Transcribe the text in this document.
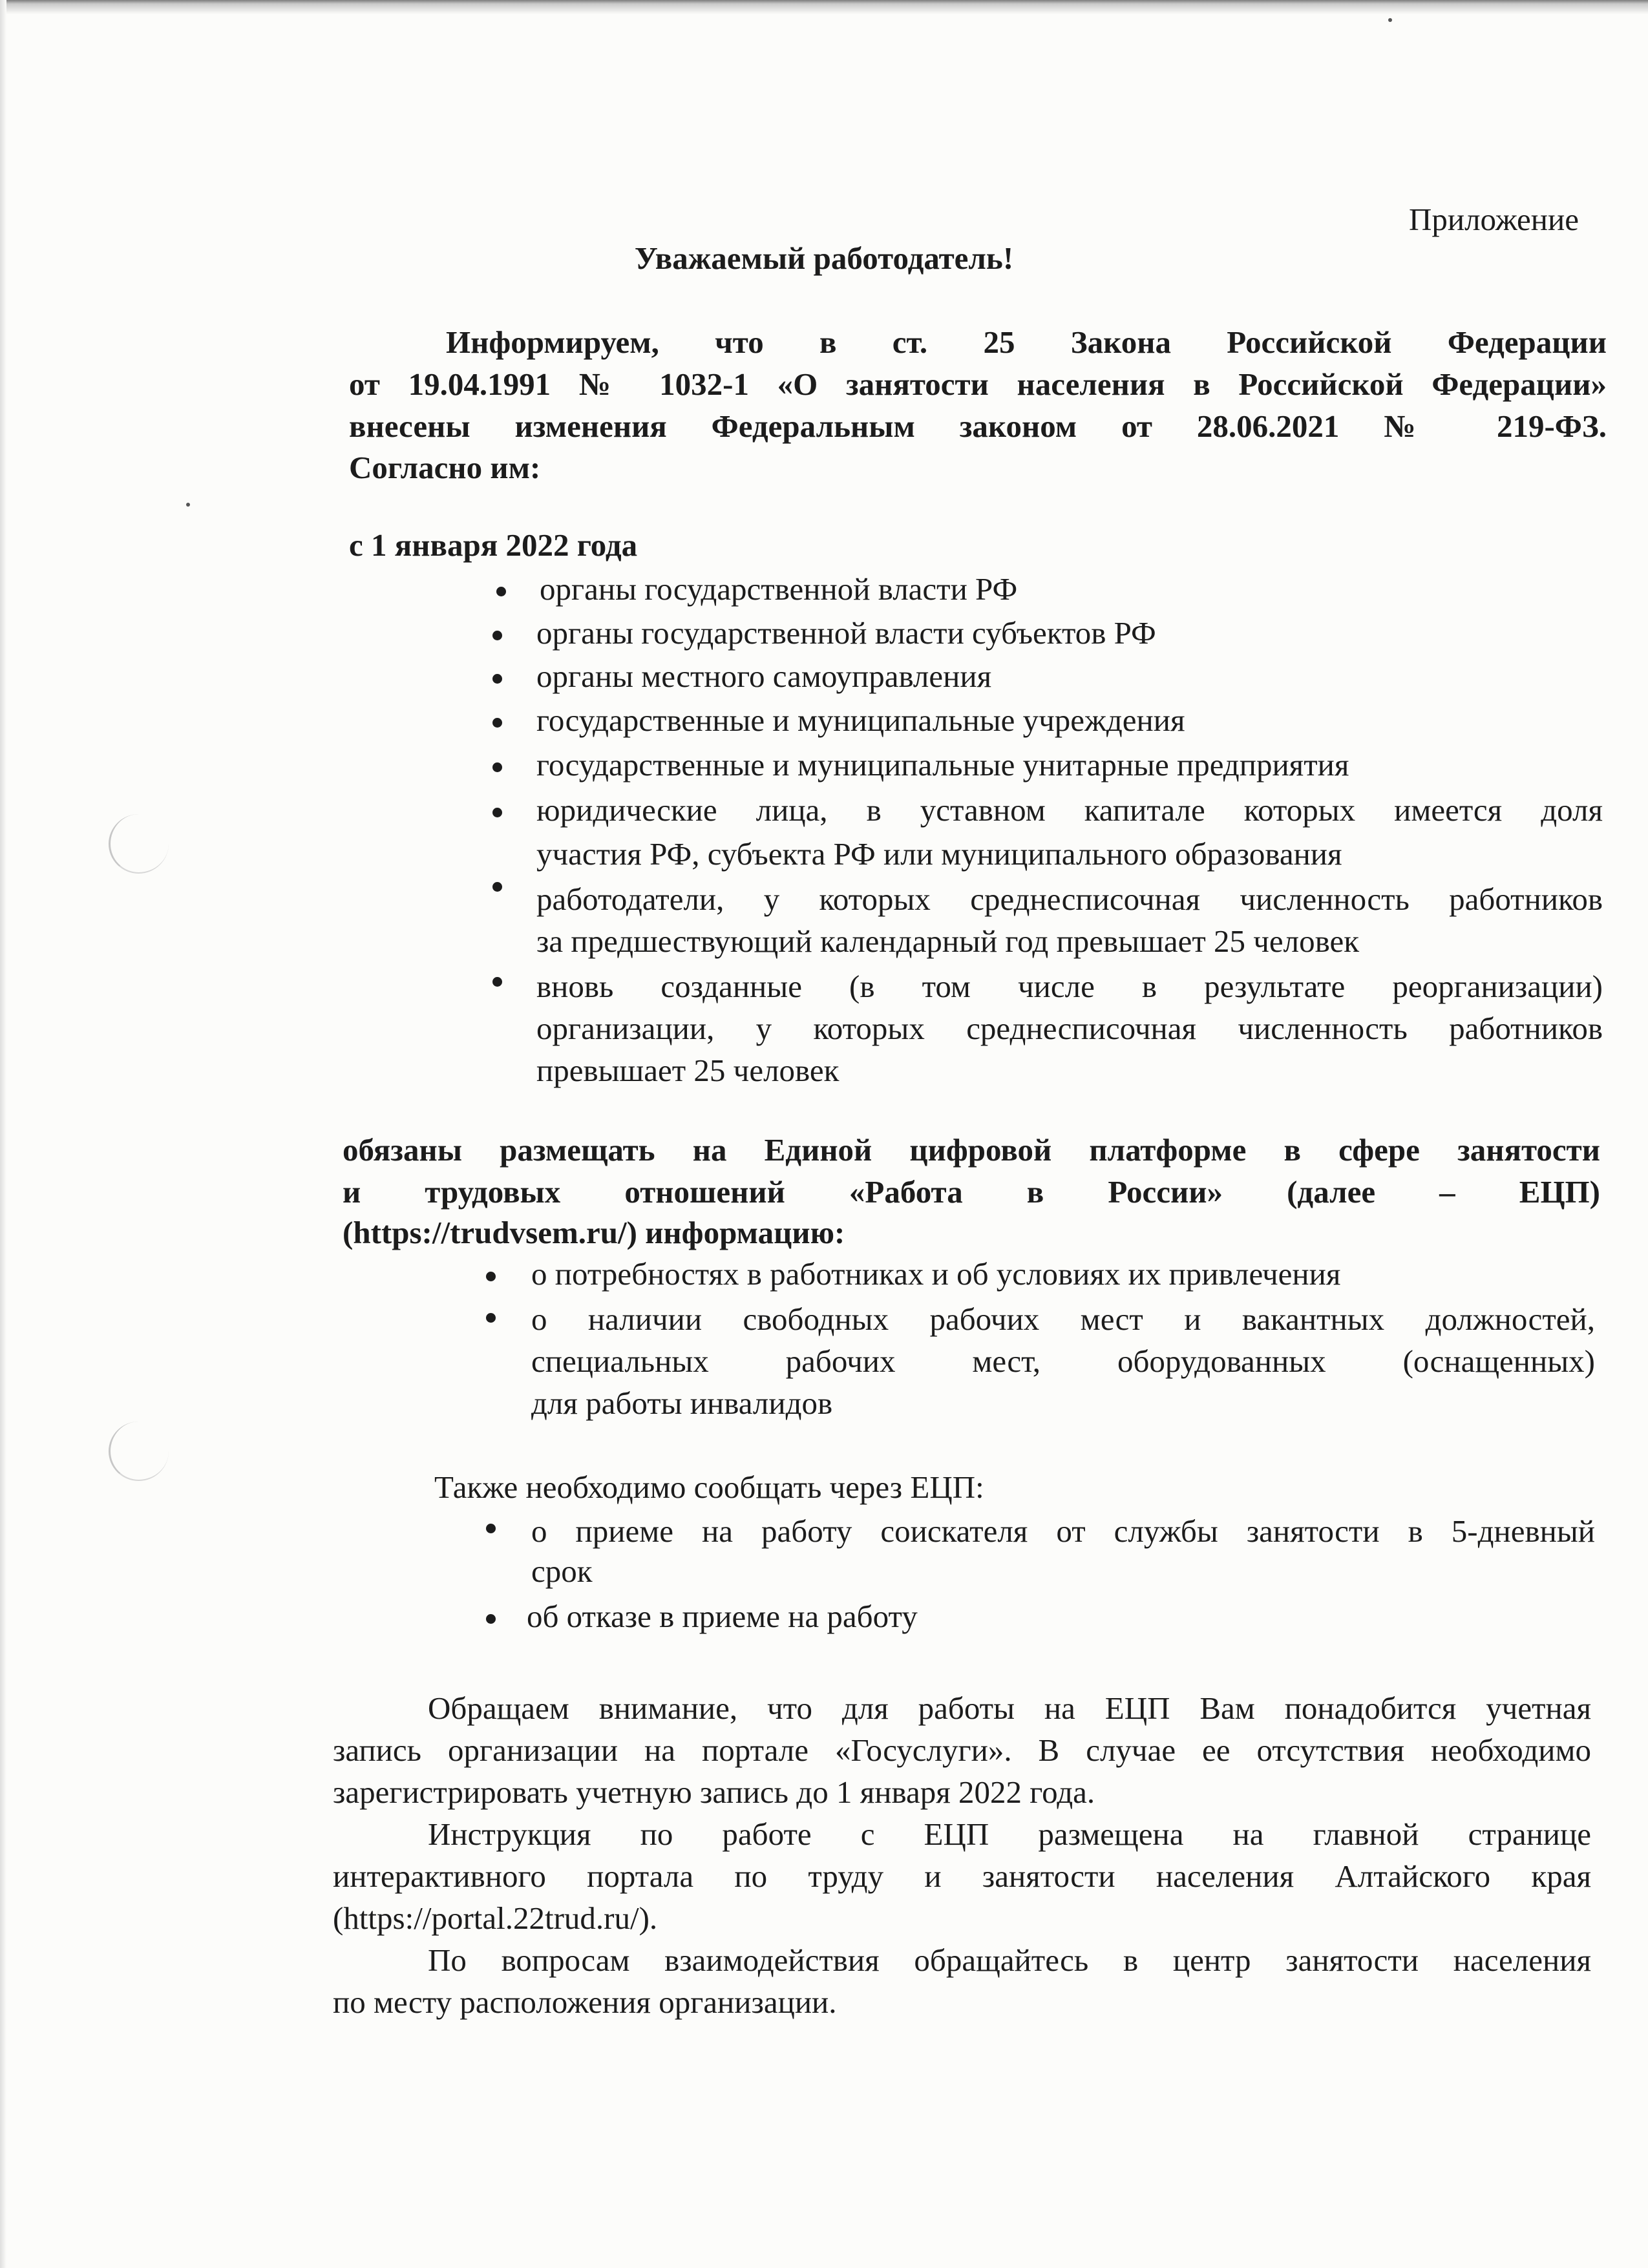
Приложение
Уважаемый работодатель!
Информируем, что в ст. 25 Закона Российской Федерации
от 19.04.1991 № 1032-1 «О занятости населения в Российской Федерации»
внесены изменения Федеральным законом от 28.06.2021 № 219-ФЗ.
Согласно им:
с 1 января 2022 года
органы государственной власти РФ
органы государственной власти субъектов РФ
органы местного самоуправления
государственные и муниципальные учреждения
государственные и муниципальные унитарные предприятия
юридические лица, в уставном капитале которых имеется доля
участия РФ, субъекта РФ или муниципального образования
работодатели, у которых среднесписочная численность работников
за предшествующий календарный год превышает 25 человек
вновь созданные (в том числе в результате реорганизации)
организации, у которых среднесписочная численность работников
превышает 25 человек
обязаны размещать на Единой цифровой платформе в сфере занятости
и трудовых отношений «Работа в России» (далее – ЕЦП)
(https://trudvsem.ru/) информацию:
о потребностях в работниках и об условиях их привлечения
о наличии свободных рабочих мест и вакантных должностей,
специальных рабочих мест, оборудованных (оснащенных)
для работы инвалидов
Также необходимо сообщать через ЕЦП:
о приеме на работу соискателя от службы занятости в 5-дневный
срок
об отказе в приеме на работу
Обращаем внимание, что для работы на ЕЦП Вам понадобится учетная
запись организации на портале «Госуслуги». В случае ее отсутствия необходимо
зарегистрировать учетную запись до 1 января 2022 года.
Инструкция по работе с ЕЦП размещена на главной странице
интерактивного портала по труду и занятости населения Алтайского края
(https://portal.22trud.ru/).
По вопросам взаимодействия обращайтесь в центр занятости населения
по месту расположения организации.
